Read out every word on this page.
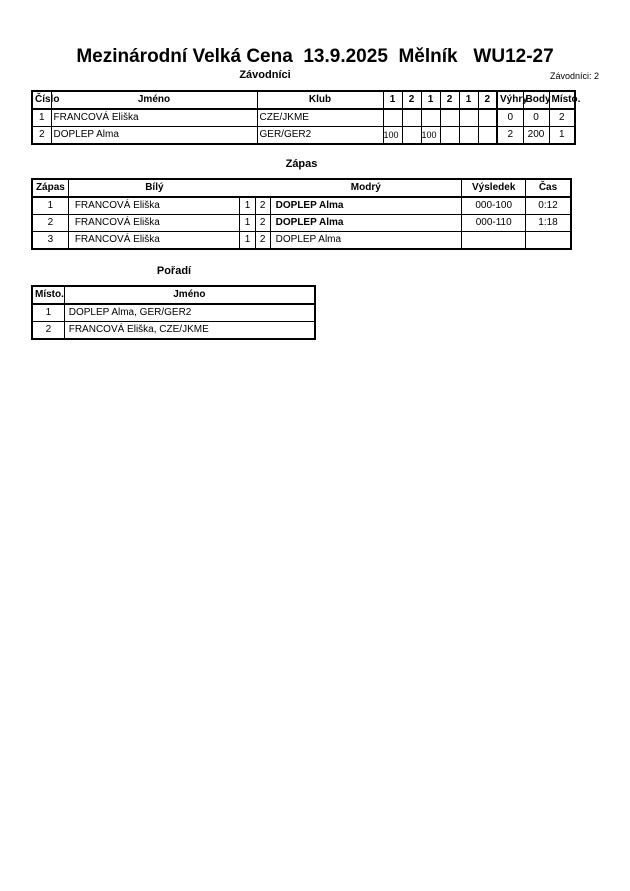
Mezinárodní Velká Cena 13.9.2025 Mělník WU12-27
Závodníci	Závodníci: 2
Číslo	Jméno	Klub	1	2	1	2	1	2	Výhry	Body	Místo.
1	FRANCOVÁ Eliška	CZE/JKME							0	0	2
2	DOPLEP Alma	GER/GER2	100		100				2	200	1
Zápas
Zápas	Bílý			Modrý	Výsledek	Čas
1	FRANCOVÁ Eliška	1	2	DOPLEP Alma	000-100	0:12
2	FRANCOVÁ Eliška	1	2	DOPLEP Alma	000-110	1:18
3	FRANCOVÁ Eliška	1	2	DOPLEP Alma		
Pořadí
Místo.	Jméno
1	DOPLEP Alma, GER/GER2
2	FRANCOVÁ Eliška, CZE/JKME
